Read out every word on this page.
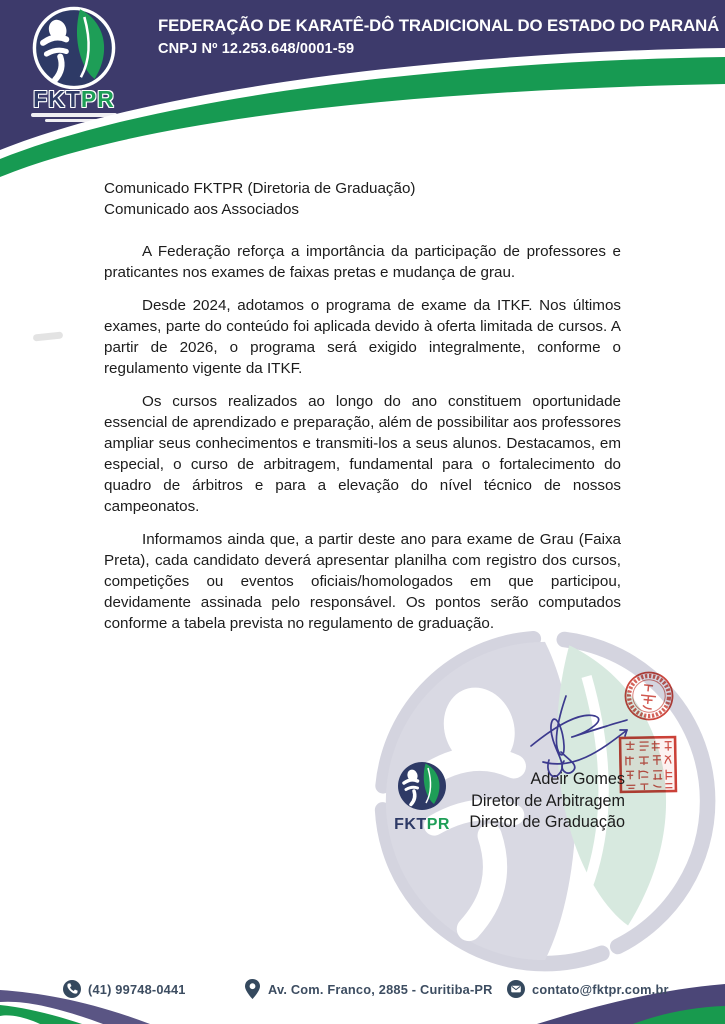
FKTPR
FEDERAÇÃO DE KARATÊ-DÔ TRADICIONAL DO ESTADO DO PARANÁ
CNPJ Nº 12.253.648/0001-59
Comunicado FKTPR (Diretoria de Graduação)
Comunicado aos Associados

A Federação reforça a importância da participação de professores e praticantes nos exames de faixas pretas e mudança de grau.

Desde 2024, adotamos o programa de exame da ITKF. Nos últimos exames, parte do conteúdo foi aplicada devido à oferta limitada de cursos. A partir de 2026, o programa será exigido integralmente, conforme o regulamento vigente da ITKF.

Os cursos realizados ao longo do ano constituem oportunidade essencial de aprendizado e preparação, além de possibilitar aos professores ampliar seus conhecimentos e transmiti-los a seus alunos. Destacamos, em especial, o curso de arbitragem, fundamental para o fortalecimento do quadro de árbitros e para a elevação do nível técnico de nossos campeonatos.

Informamos ainda que, a partir deste ano para exame de Grau (Faixa Preta), cada candidato deverá apresentar planilha com registro dos cursos, competições ou eventos oficiais/homologados em que participou, devidamente assinada pelo responsável. Os pontos serão computados conforme a tabela prevista no regulamento de graduação.

FKTPR
Adeir Gomes
Diretor de Arbitragem
Diretor de Graduação
(41) 99748-0441	Av. Com. Franco, 2885 - Curitiba-PR	contato@fktpr.com.br
